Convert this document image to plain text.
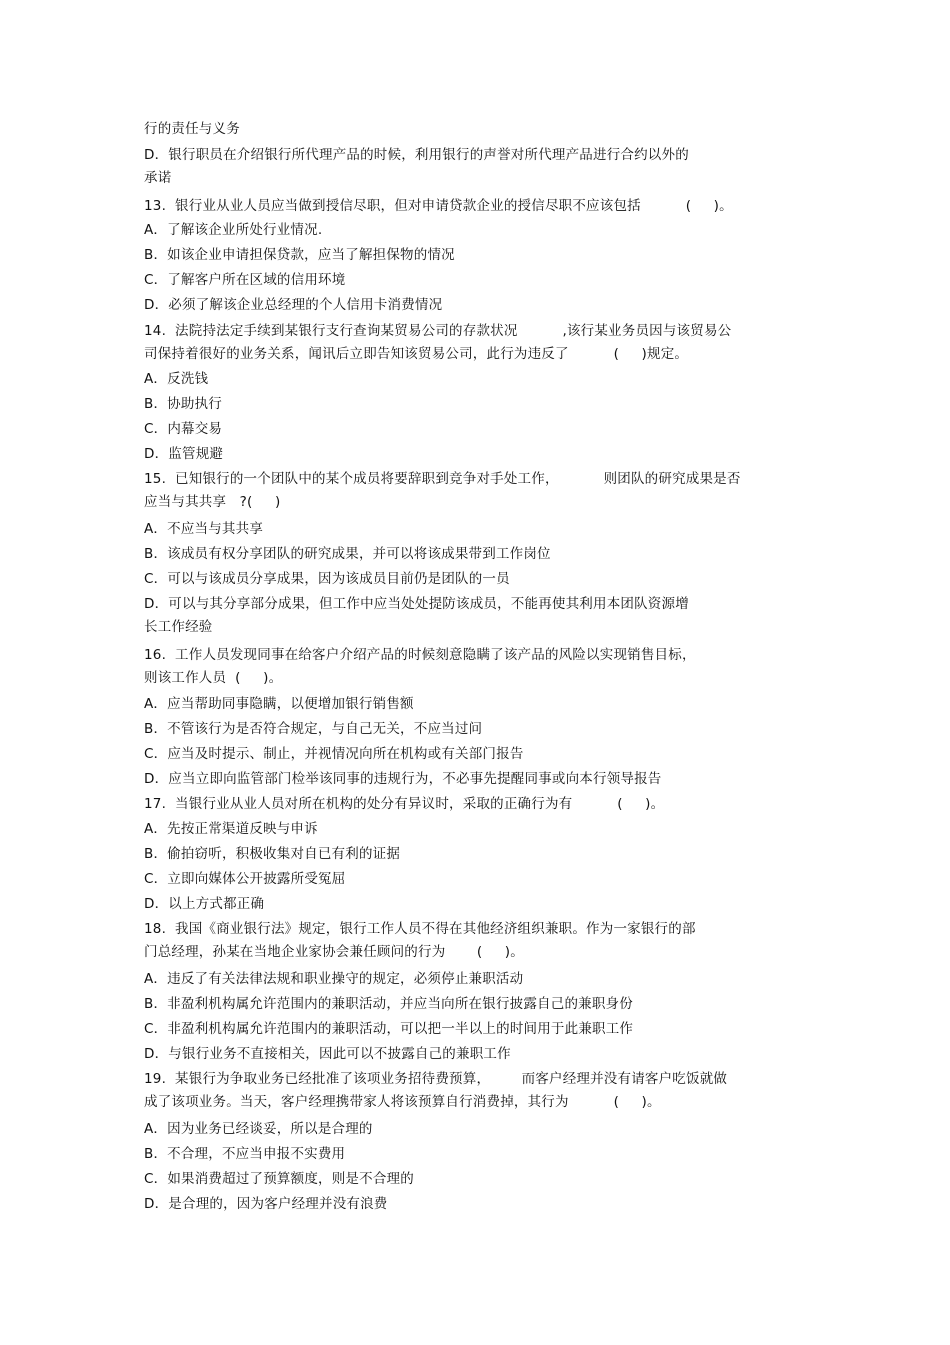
行的责任与义务
D．银行职员在介绍银行所代理产品的时候，利用银行的声誉对所代理产品进行合约以外的
承诺
13.  银行业从业人员应当做到授信尽职，但对申请贷款企业的授信尽职不应该包括          (     )。
A．了解该企业所处行业情况.
B．如该企业申请担保贷款，应当了解担保物的情况
C．了解客户所在区域的信用环境
D．必须了解该企业总经理的个人信用卡消费情况
14.  法院持法定手续到某银行支行查询某贸易公司的存款状况          ,该行某业务员因与该贸易公
司保持着很好的业务关系，闻讯后立即告知该贸易公司，此行为违反了          (     )规定。
A．反洗钱
B．协助执行
C．内幕交易
D．监管规避
15.  已知银行的一个团队中的某个成员将要辞职到竞争对手处工作，          则团队的研究成果是否
应当与其共享   ?(     )
A．不应当与其共享
B．该成员有权分享团队的研究成果，并可以将该成果带到工作岗位
C．可以与该成员分享成果，因为该成员目前仍是团队的一员
D．可以与其分享部分成果，但工作中应当处处提防该成员，不能再使其利用本团队资源增
长工作经验
16.  工作人员发现同事在给客户介绍产品的时候刻意隐瞒了该产品的风险以实现销售目标，
则该工作人员  (     )。
A．应当帮助同事隐瞒，以便增加银行销售额
B．不管该行为是否符合规定，与自己无关，不应当过问
C．应当及时提示、制止，并视情况向所在机构或有关部门报告
D．应当立即向监管部门检举该同事的违规行为，不必事先提醒同事或向本行领导报告
17.  当银行业从业人员对所在机构的处分有异议时，采取的正确行为有          (     )。
A．先按正常渠道反映与申诉
B．偷拍窃听，积极收集对自已有利的证据
C．立即向媒体公开披露所受冤屈
D．以上方式都正确
18.  我国《商业银行法》规定，银行工作人员不得在其他经济组织兼职。作为一家银行的部
门总经理，孙某在当地企业家协会兼任顾问的行为       (     )。
A．违反了有关法律法规和职业操守的规定，必须停止兼职活动
B．非盈利机构属允许范围内的兼职活动，并应当向所在银行披露自己的兼职身份
C．非盈利机构属允许范围内的兼职活动，可以把一半以上的时间用于此兼职工作
D．与银行业务不直接相关，因此可以不披露自己的兼职工作
19.  某银行为争取业务已经批准了该项业务招待费预算，       而客户经理并没有请客户吃饭就做
成了该项业务。当天，客户经理携带家人将该预算自行消费掉，其行为          (     )。
A．因为业务已经谈妥，所以是合理的
B．不合理，不应当申报不实费用
C．如果消费超过了预算额度，则是不合理的
D．是合理的，因为客户经理并没有浪费
